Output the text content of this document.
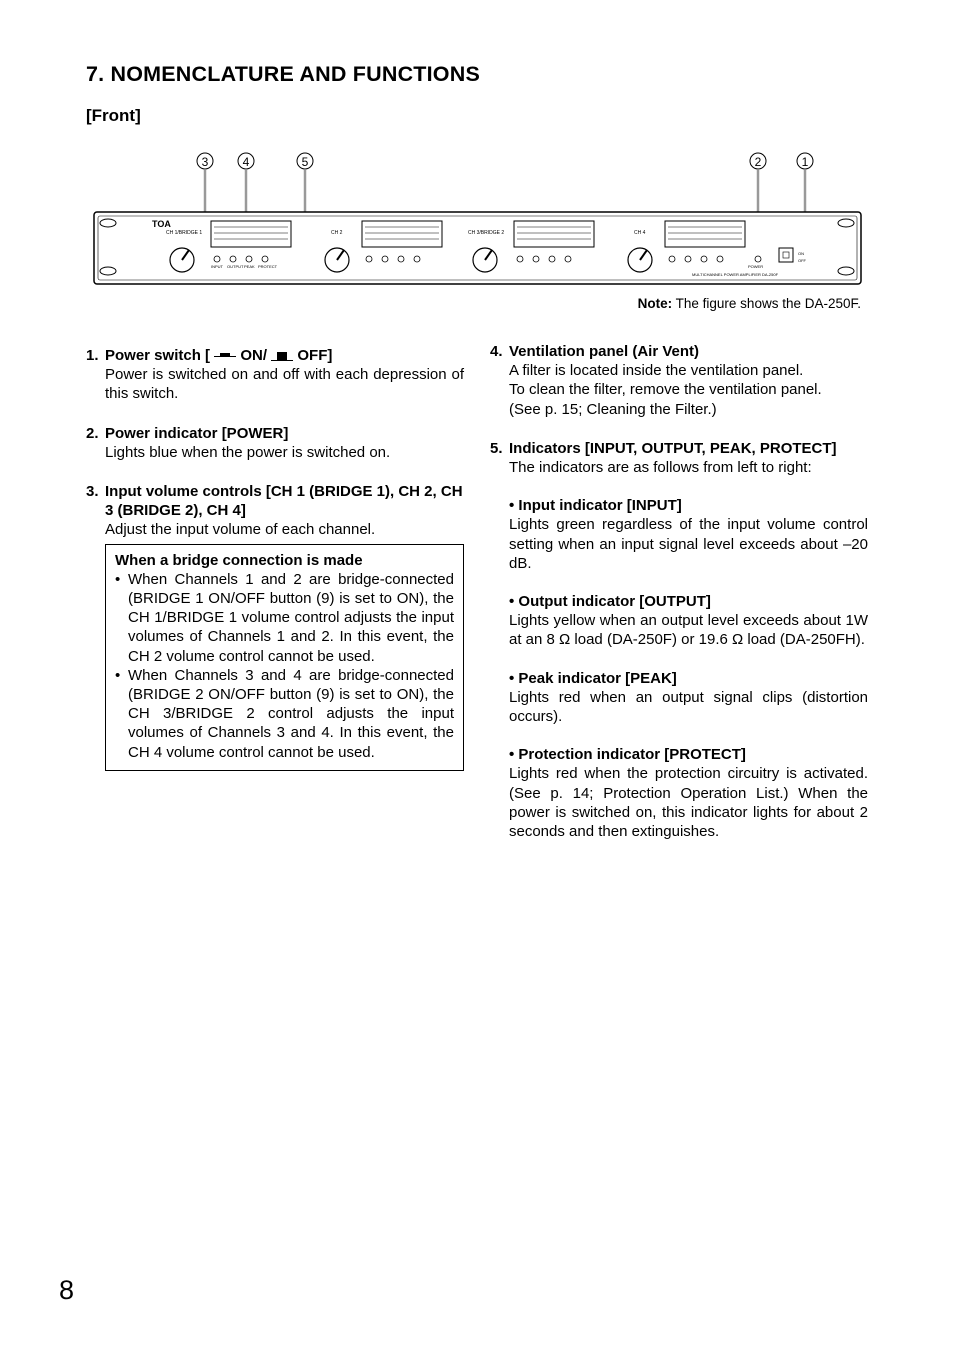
7. NOMENCLATURE AND FUNCTIONS
[Front]
3	4	5	2	1
TOA
CH 1/BRIDGE 1	CH 2	CH 3/BRIDGE 2	CH 4
INPUT OUTPUT PEAK PROTECT	POWER
ON
OFF
MULTICHANNEL POWER AMPLIFIER DA-250F
Note: The figure shows the DA-250F.
1. Power switch [ ON/ OFF]
Power is switched on and off with each depression of this switch.
2. Power indicator [POWER]
Lights blue when the power is switched on.
3. Input volume controls [CH 1 (BRIDGE 1), CH 2, CH 3 (BRIDGE 2), CH 4]
Adjust the input volume of each channel.
When a bridge connection is made
• When Channels 1 and 2 are bridge-connected (BRIDGE 1 ON/OFF button (9) is set to ON), the CH 1/BRIDGE 1 volume control adjusts the input volumes of Channels 1 and 2. In this event, the CH 2 volume control cannot be used.
• When Channels 3 and 4 are bridge-connected (BRIDGE 2 ON/OFF button (9) is set to ON), the CH 3/BRIDGE 2 control adjusts the input volumes of Channels 3 and 4. In this event, the CH 4 volume control cannot be used.
4. Ventilation panel (Air Vent)
A filter is located inside the ventilation panel.
To clean the filter, remove the ventilation panel.
(See p. 15; Cleaning the Filter.)
5. Indicators [INPUT, OUTPUT, PEAK, PROTECT]
The indicators are as follows from left to right:
• Input indicator [INPUT]
Lights green regardless of the input volume control setting when an input signal level exceeds about –20 dB.
• Output indicator [OUTPUT]
Lights yellow when an output level exceeds about 1W at an 8 Ω load (DA-250F) or 19.6 Ω load (DA-250FH).
• Peak indicator [PEAK]
Lights red when an output signal clips (distortion occurs).
• Protection indicator [PROTECT]
Lights red when the protection circuitry is activated. (See p. 14; Protection Operation List.) When the power is switched on, this indicator lights for about 2 seconds and then extinguishes.
8
